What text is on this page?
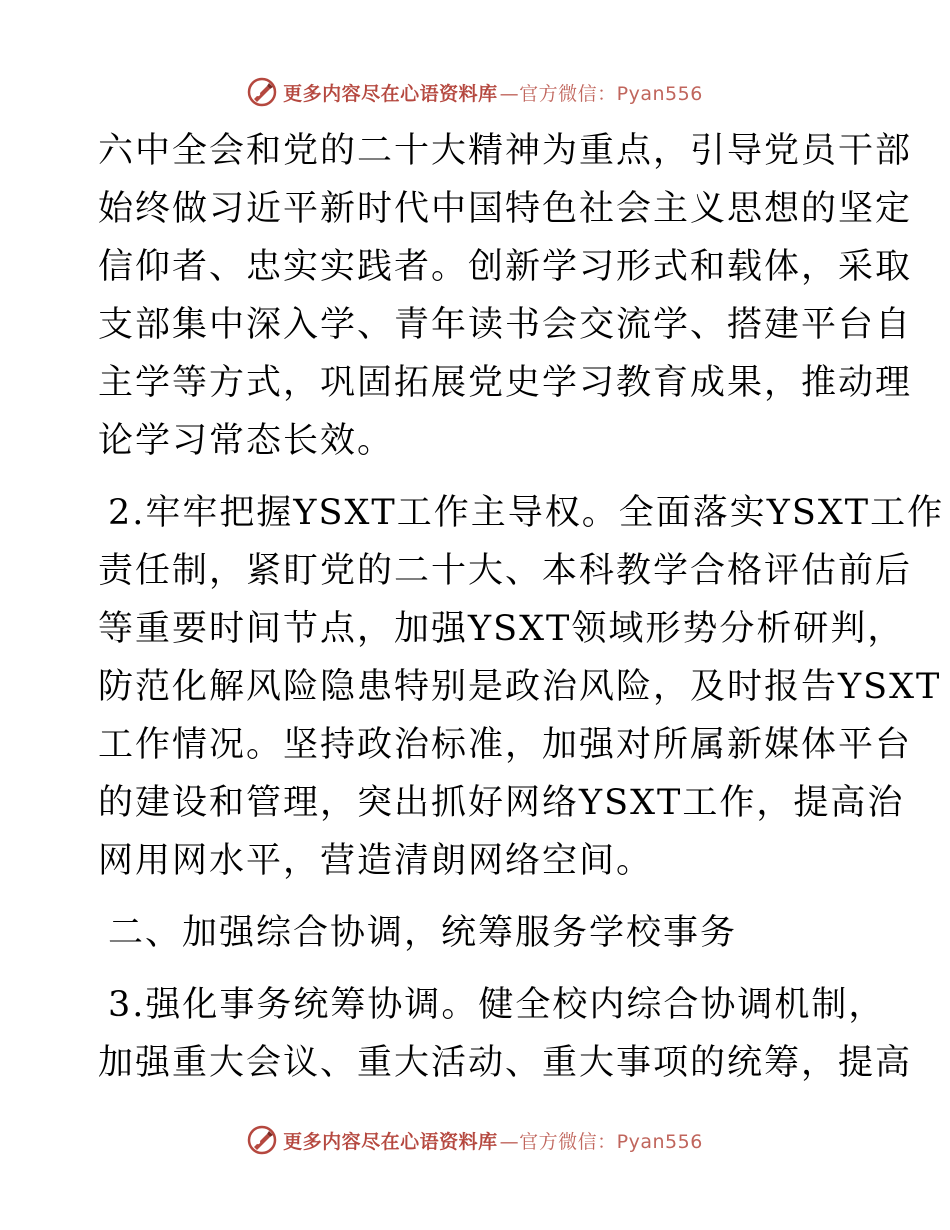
更多内容尽在心语资料库 —官方微信：Pyan556
六中全会和党的二十大精神为重点，引导党员干部
始终做习近平新时代中国特色社会主义思想的坚定
信仰者、忠实实践者。创新学习形式和载体，采取
支部集中深入学、青年读书会交流学、搭建平台自
主学等方式，巩固拓展党史学习教育成果，推动理
论学习常态长效。
2.牢牢把握YSXT工作主导权。全面落实YSXT工作
责任制，紧盯党的二十大、本科教学合格评估前后
等重要时间节点，加强YSXT领域形势分析研判，
防范化解风险隐患特别是政治风险，及时报告YSXT
工作情况。坚持政治标准，加强对所属新媒体平台
的建设和管理，突出抓好网络YSXT工作，提高治
网用网水平，营造清朗网络空间。
二、加强综合协调，统筹服务学校事务
3.强化事务统筹协调。健全校内综合协调机制，
加强重大会议、重大活动、重大事项的统筹，提高
更多内容尽在心语资料库 —官方微信：Pyan556
